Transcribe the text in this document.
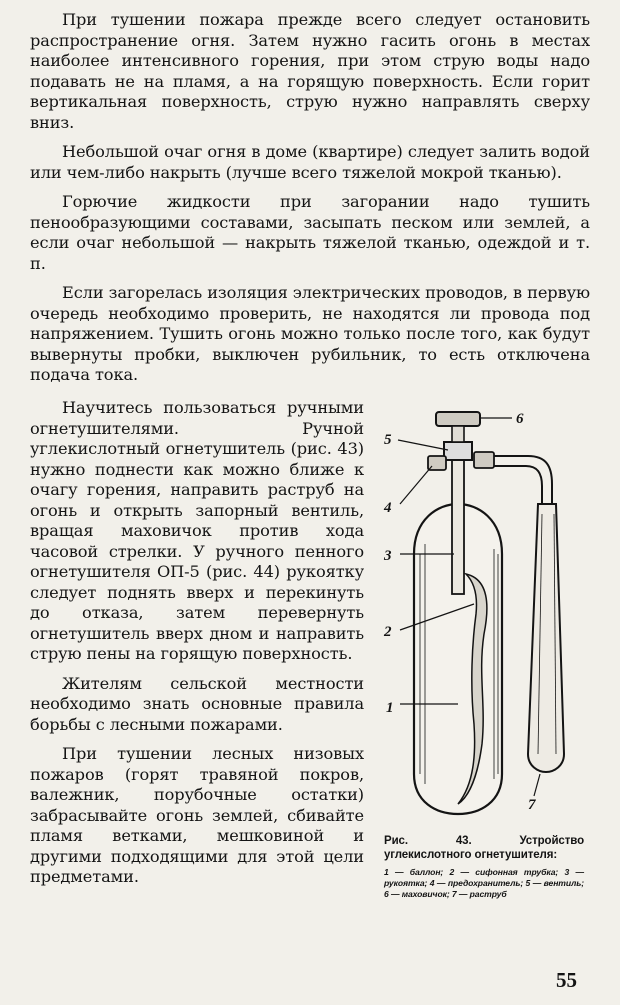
При тушении пожара прежде всего следует остановить распространение огня. Затем нужно гасить огонь в местах наиболее интенсивного горения, при этом струю воды надо подавать не на пламя, а на горящую поверхность. Если горит вертикальная поверхность, струю нужно направлять сверху вниз.

Небольшой очаг огня в доме (квартире) следует залить водой или чем-либо накрыть (лучше всего тяжелой мокрой тканью).

Горючие жидкости при загорании надо тушить пенообразующими составами, засыпать песком или землей, а если очаг небольшой — накрыть тяжелой тканью, одеждой и т. п.

Если загорелась изоляция электрических проводов, в первую очередь необходимо проверить, не находятся ли провода под напряжением. Тушить огонь можно только после того, как будут вывернуты пробки, выключен рубильник, то есть отключена подача тока.

Научитесь пользоваться ручными огнетушителями. Ручной углекислотный огнетушитель (рис. 43) нужно поднести как можно ближе к очагу горения, направить раструб на огонь и открыть запорный вентиль, вращая маховичок против хода часовой стрелки. У ручного пенного огнетушителя ОП-5 (рис. 44) рукоятку следует поднять вверх и перекинуть до отказа, затем перевернуть огнетушитель вверх дном и направить струю пены на горящую поверхность.

Жителям сельской местности необходимо знать основные правила борьбы с лесными пожарами.

При тушении лесных низовых пожаров (горят травяной покров, валежник, порубочные остатки) забрасывайте огонь землей, сбивайте пламя ветками, мешковиной и другими подходящими для этой цели предметами.

6
5
4
3
2
1
7

Рис. 43. Устройство углекислотного огнетушителя:

1 — баллон; 2 — сифонная трубка; 3 — рукоятка; 4 — предохранитель; 5 — вентиль; 6 — маховичок; 7 — раструб

55
